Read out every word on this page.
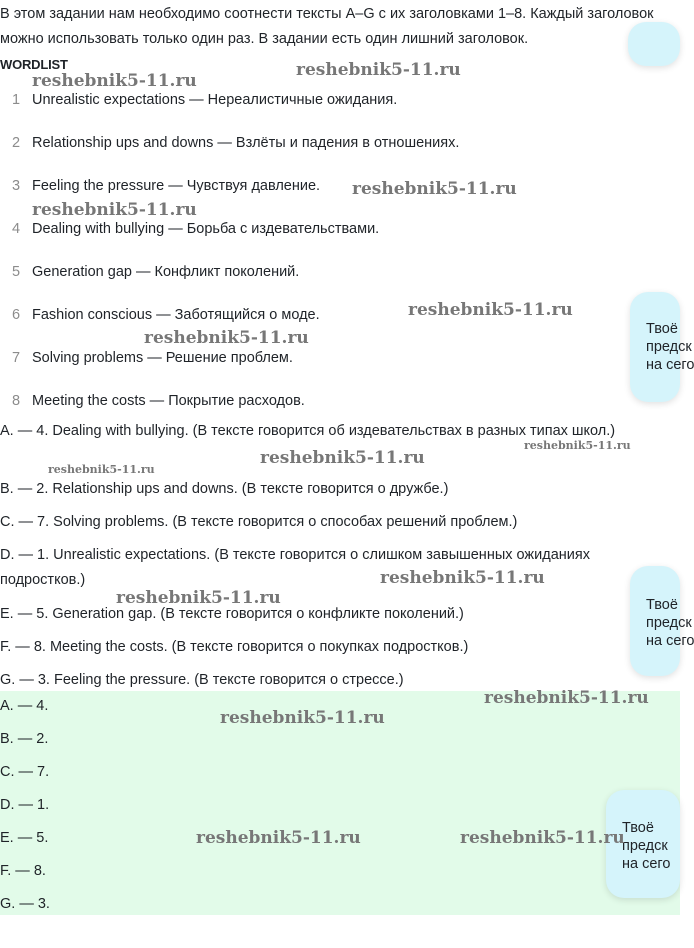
В этом задании нам необходимо соотнести тексты A–G с их заголовками 1–8. Каждый заголовок можно использовать только один раз. В задании есть один лишний заголовок.

WORDLIST
1 Unrealistic expectations — Нереалистичные ожидания.
2 Relationship ups and downs — Взлёты и падения в отношениях.
3 Feeling the pressure — Чувствуя давление.
4 Dealing with bullying — Борьба с издевательствами.
5 Generation gap — Конфликт поколений.
6 Fashion conscious — Заботящийся о моде.
7 Solving problems — Решение проблем.
8 Meeting the costs — Покрытие расходов.

A. — 4. Dealing with bullying. (В тексте говорится об издевательствах в разных типах школ.)

B. — 2. Relationship ups and downs. (В тексте говорится о дружбе.)

C. — 7. Solving problems. (В тексте говорится о способах решений проблем.)

D. — 1. Unrealistic expectations. (В тексте говорится о слишком завышенных ожиданиях подростков.)

E. — 5. Generation gap. (В тексте говорится о конфликте поколений.)

F. — 8. Meeting the costs. (В тексте говорится о покупках подростков.)

G. — 3. Feeling the pressure. (В тексте говорится о стрессе.)

A. — 4.
B. — 2.
C. — 7.
D. — 1.
E. — 5.
F. — 8.
G. — 3.
Твоё
предск
на сего
Твоё
предск
на сего
Твоё
предск
на сего
reshebnik5-11.ru
reshebnik5-11.ru
reshebnik5-11.ru
reshebnik5-11.ru
reshebnik5-11.ru
reshebnik5-11.ru
reshebnik5-11.ru
reshebnik5-11.ru
reshebnik5-11.ru
reshebnik5-11.ru
reshebnik5-11.ru
reshebnik5-11.ru
reshebnik5-11.ru
reshebnik5-11.ru	reshebnik5-11.ru
